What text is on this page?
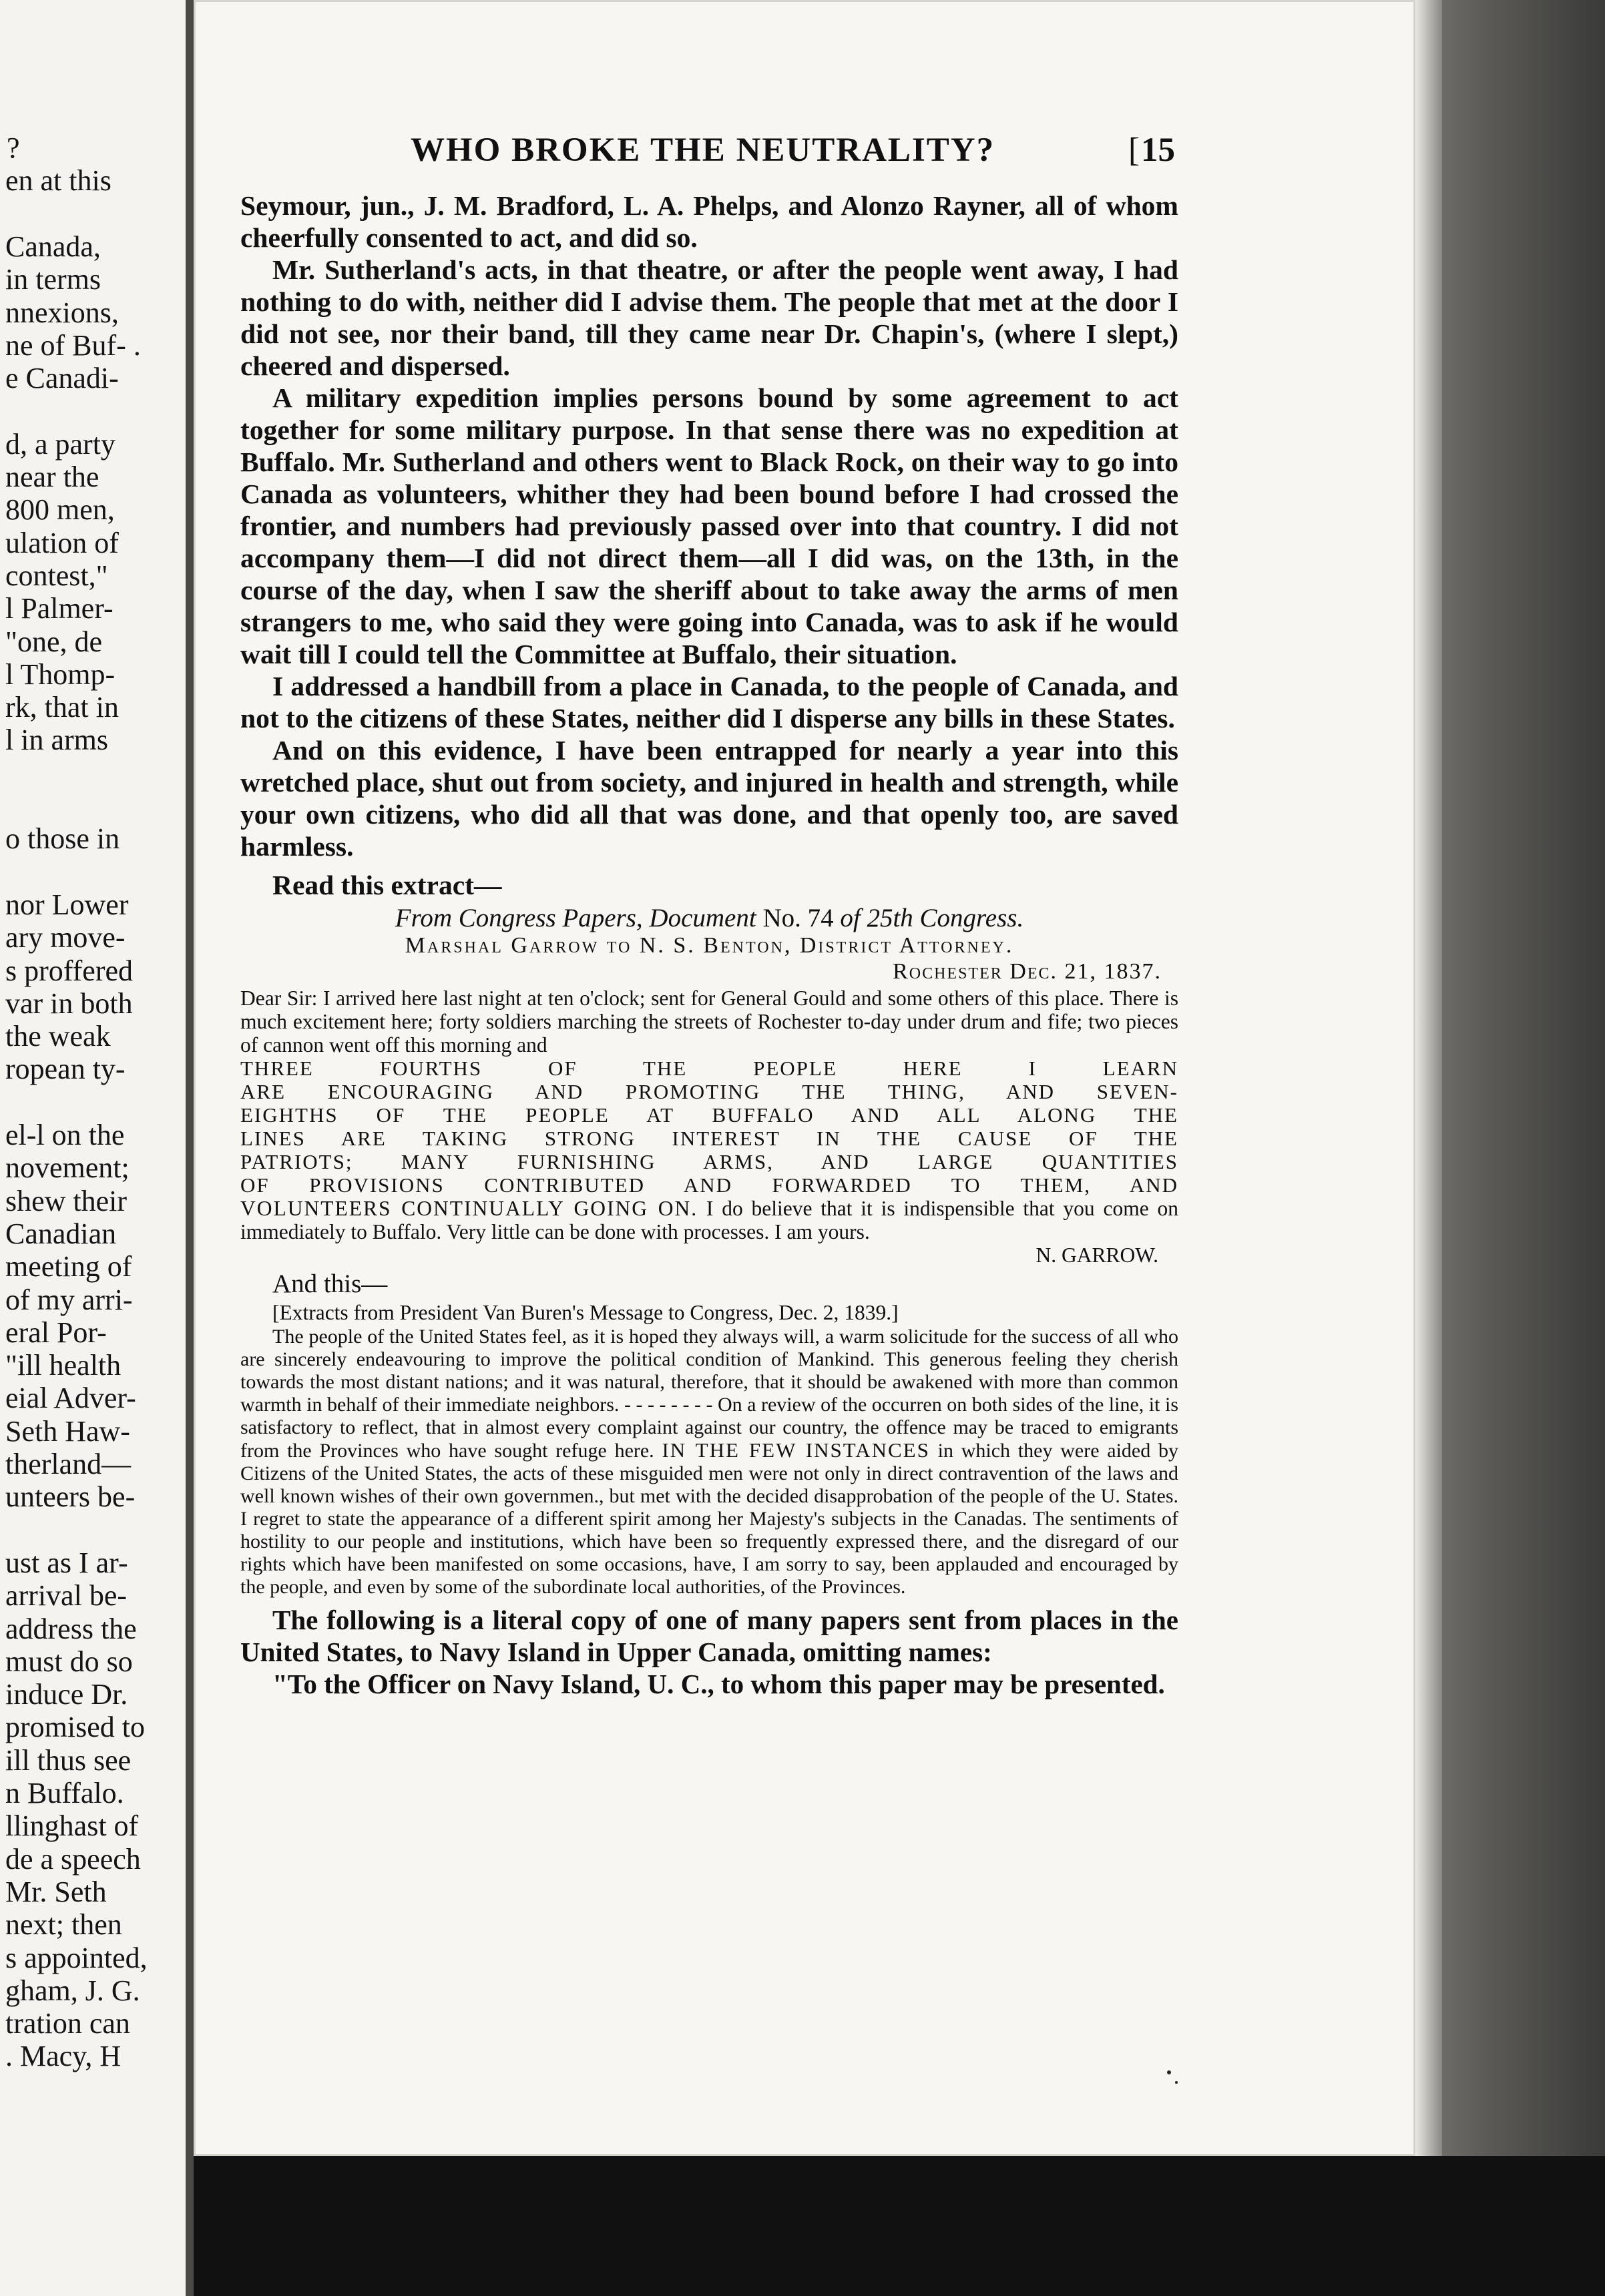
?
en at this
Canada,
in terms
nnexions,
ne of Buf- .
e Canadi-
d, a party
near the
800 men,
ulation of
contest,"
l Palmer-
"one, de
l Thomp-
rk, that in
l in arms
o those in
nor Lower
ary move-
s proffered
var in both
the weak
ropean ty-
el-l on the
novement;
shew their
Canadian
meeting of
of my arri-
eral Por-
"ill health
eial Adver-
Seth Haw-
therland—
unteers be-
ust as I ar-
arrival be-
address the
must do so
induce Dr.
promised to
ill thus see
n Buffalo.
llinghast of
de a speech
Mr. Seth
next; then
s appointed,
gham, J. G.
tration can
. Macy, H
WHO BROKE THE NEUTRALITY?	[15

Seymour, jun., J. M. Bradford, L. A. Phelps, and Alonzo Rayner, all of whom cheerfully consented to act, and did so.

Mr. Sutherland's acts, in that theatre, or after the people went away, I had nothing to do with, neither did I advise them. The people that met at the door I did not see, nor their band, till they came near Dr. Chapin's, (where I slept,) cheered and dispersed.

A military expedition implies persons bound by some agreement to act together for some military purpose. In that sense there was no expedition at Buffalo. Mr. Sutherland and others went to Black Rock, on their way to go into Canada as volunteers, whither they had been bound before I had crossed the frontier, and numbers had previously passed over into that country. I did not accompany them—I did not direct them—all I did was, on the 13th, in the course of the day, when I saw the sheriff about to take away the arms of men strangers to me, who said they were going into Canada, was to ask if he would wait till I could tell the Committee at Buffalo, their situation.

I addressed a handbill from a place in Canada, to the people of Canada, and not to the citizens of these States, neither did I disperse any bills in these States.

And on this evidence, I have been entrapped for nearly a year into this wretched place, shut out from society, and injured in health and strength, while your own citizens, who did all that was done, and that openly too, are saved harmless.

Read this extract—

From Congress Papers, Document No. 74 of 25th Congress.
Marshal Garrow to N. S. Benton, District Attorney.
Rochester Dec. 21, 1837.
Dear Sir: I arrived here last night at ten o'clock; sent for General Gould and some others of this place. There is much excitement here; forty soldiers marching the streets of Rochester to-day under drum and fife; two pieces of cannon went off this morning and
THREE FOURTHS OF THE PEOPLE HERE I LEARN
ARE ENCOURAGING AND PROMOTING THE THING, AND SEVEN-
EIGHTHS OF THE PEOPLE AT BUFFALO AND ALL ALONG THE
LINES ARE TAKING STRONG INTEREST IN THE CAUSE OF THE
PATRIOTS; MANY FURNISHING ARMS, AND LARGE QUANTITIES
OF PROVISIONS CONTRIBUTED AND FORWARDED TO THEM, AND
VOLUNTEERS CONTINUALLY GOING ON. I do believe that it is indispensible that you come on immediately to Buffalo. Very little can be done with processes. I am yours.
N. GARROW.
And this—
[Extracts from President Van Buren's Message to Congress, Dec. 2, 1839.]
The people of the United States feel, as it is hoped they always will, a warm solicitude for the success of all who are sincerely endeavouring to improve the political condition of Mankind. This generous feeling they cherish towards the most distant nations; and it was natural, therefore, that it should be awakened with more than common warmth in behalf of their immediate neighbors. - - - - - - - - On a review of the occurren on both sides of the line, it is satisfactory to reflect, that in almost every complaint against our country, the offence may be traced to emigrants from the Provinces who have sought refuge here. IN THE FEW INSTANCES in which they were aided by Citizens of the United States, the acts of these misguided men were not only in direct contravention of the laws and well known wishes of their own governmen., but met with the decided disapprobation of the people of the U. States. I regret to state the appearance of a different spirit among her Majesty's subjects in the Canadas. The sentiments of hostility to our people and institutions, which have been so frequently expressed there, and the disregard of our rights which have been manifested on some occasions, have, I am sorry to say, been applauded and encouraged by the people, and even by some of the subordinate local authorities, of the Provinces.

The following is a literal copy of one of many papers sent from places in the United States, to Navy Island in Upper Canada, omitting names:

"To the Officer on Navy Island, U. C., to whom this paper may be presented.
